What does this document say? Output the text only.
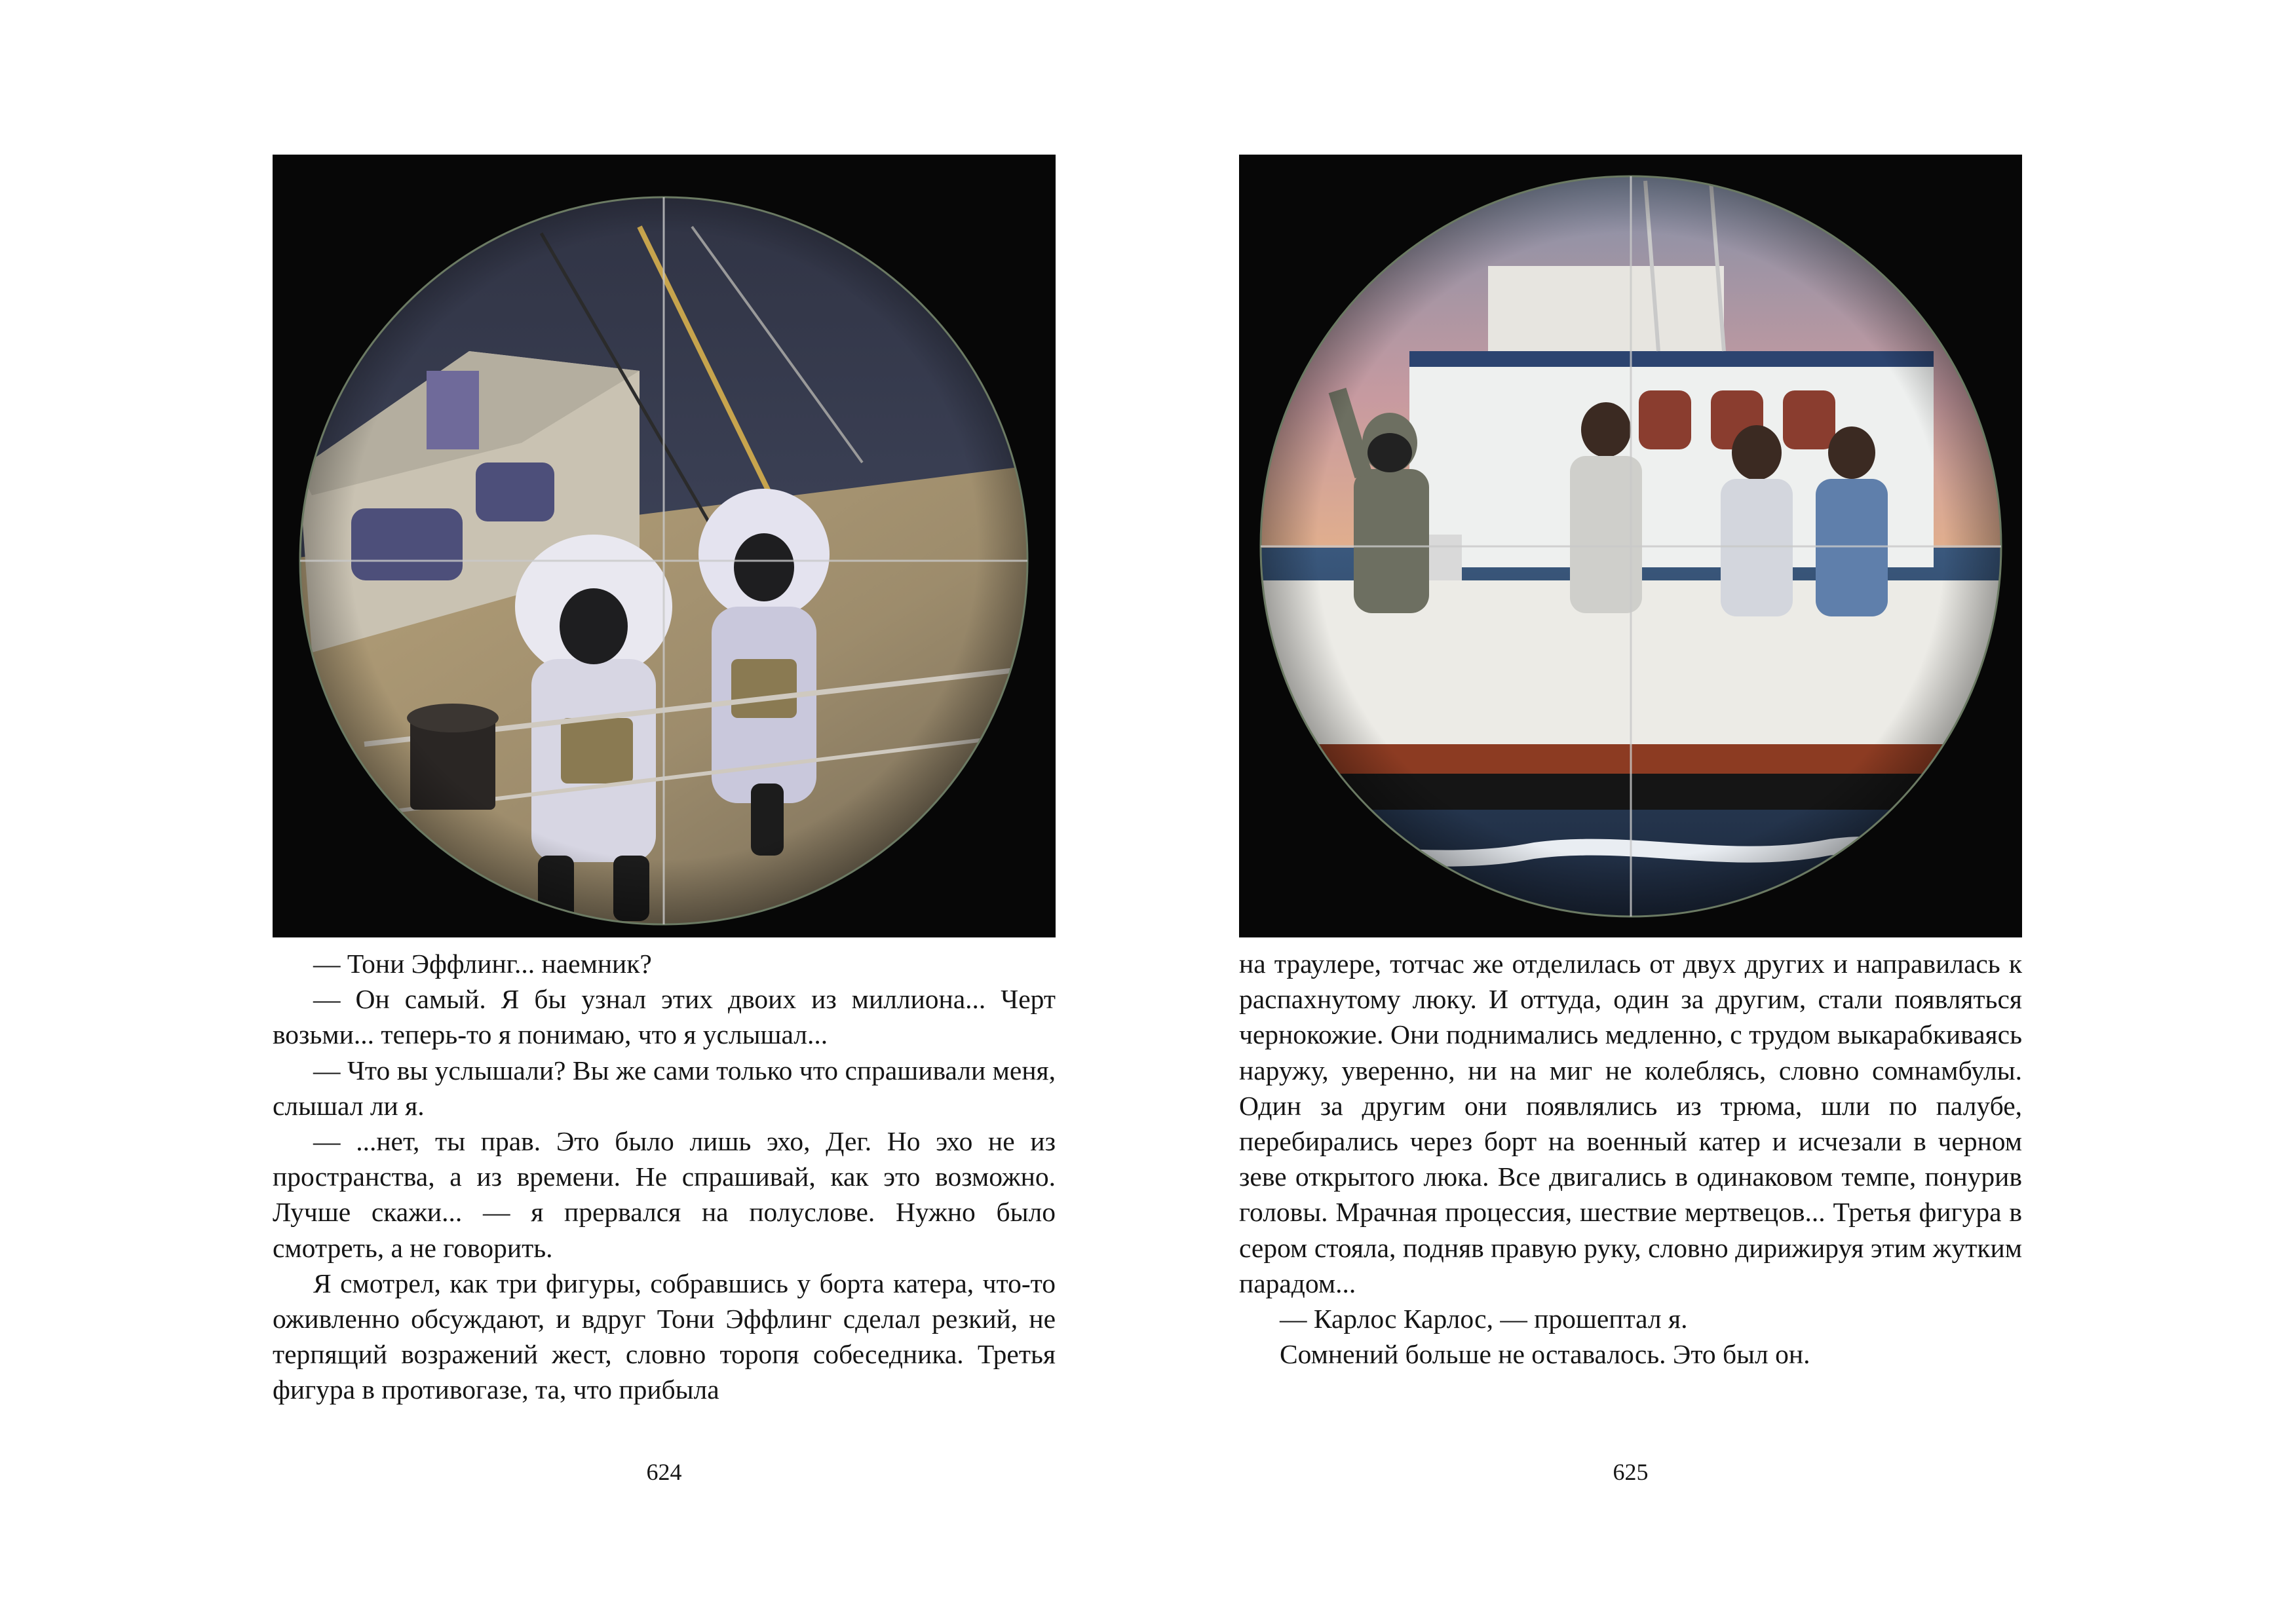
— Тони Эффлинг... наемник?

— Он самый. Я бы узнал этих двоих из миллиона... Черт возьми... теперь-то я понимаю, что я услышал...

— Что вы услышали? Вы же сами только что спрашивали меня, слышал ли я.

— ...нет, ты прав. Это было лишь эхо, Дег. Но эхо не из пространства, а из времени. Не спрашивай, как это возможно. Лучше скажи... — я прервался на полуслове. Нужно было смотреть, а не говорить.

Я смотрел, как три фигуры, собравшись у борта катера, что-то оживленно обсуждают, и вдруг Тони Эффлинг сделал резкий, не терпящий возражений жест, словно торопя собеседника. Третья фигура в противогазе, та, что прибыла

624

на траулере, тотчас же отделилась от двух других и направилась к распахнутому люку. И оттуда, один за другим, стали появляться чернокожие. Они поднимались медленно, с трудом выкарабкиваясь наружу, уверенно, ни на миг не колеблясь, словно сомнамбулы. Один за другим они появлялись из трюма, шли по палубе, перебирались через борт на военный катер и исчезали в черном зеве открытого люка. Все двигались в одинаковом темпе, понурив головы. Мрачная процессия, шествие мертвецов... Третья фигура в сером стояла, подняв правую руку, словно дирижируя этим жутким парадом...

— Карлос Карлос, — прошептал я.

Сомнений больше не оставалось. Это был он.

625
